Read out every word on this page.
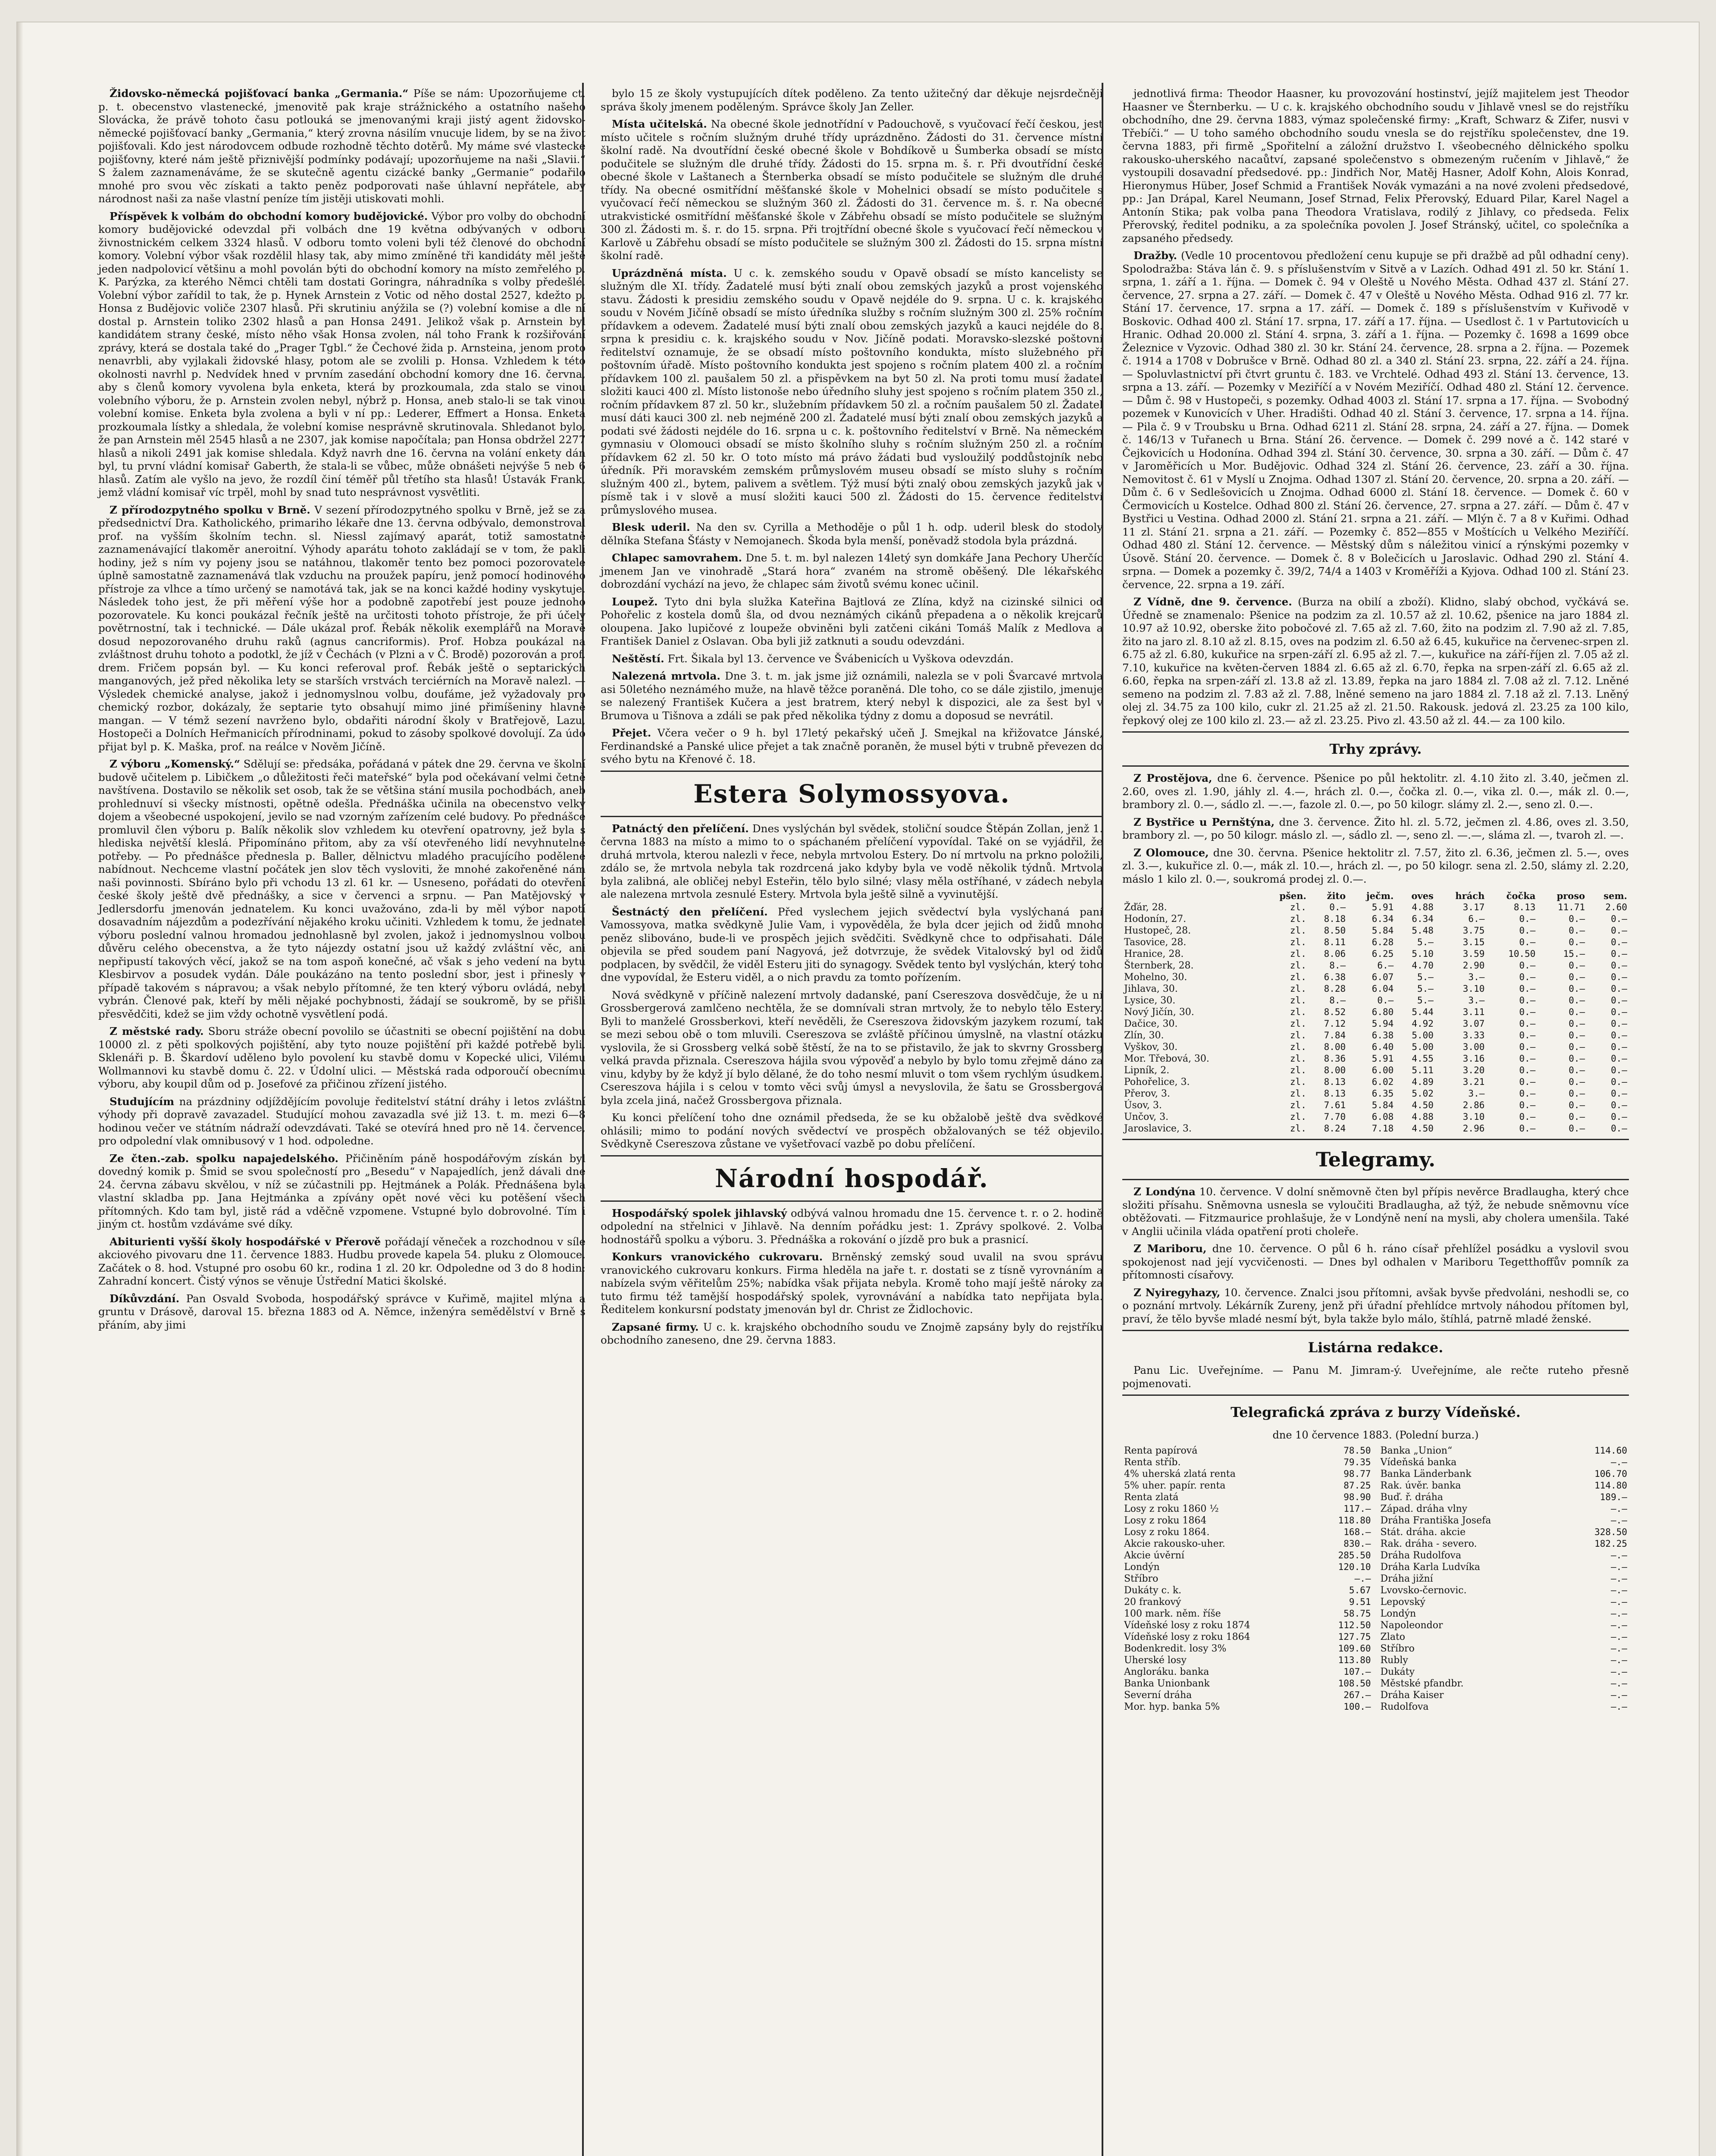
Židovsko-německá pojišťovací banka „Germania.“ Píše se nám: Upozorňujeme ct. p. t. obecenstvo vlastenecké, jmenovitě pak kraje strážnického a ostatního našeho Slovácka, že právě tohoto času potlouká se jmenovanými kraji jistý agent židovsko-německé pojišťovací banky „Germania,“ který zrovna násilím vnucuje lidem, by se na život pojišťovali. Kdo jest národovcem odbude rozhodně těchto dotěrů. My máme své vlastecké pojišťovny, které nám ještě přiznivější podmínky podávají; upozorňujeme na naši „Slavii.“ S žalem zaznamenáváme, že se skutečně agentu cizácké banky „Germanie“ podařilo mnohé pro svou věc získati a takto peněz podporovati naše úhlavní nepřátele, aby národnost naši za naše vlastní peníze tím jistěji utiskovati mohli.

Příspěvek k volbám do obchodní komory budějovické. Výbor pro volby do obchodní komory budějovické odevzdal při volbách dne 19 května odbývaných v odboru živnostnickém celkem 3324 hlasů. V odboru tomto voleni byli též členové do obchodní komory. Volební výbor však rozdělil hlasy tak, aby mimo zmíněné tři kandidáty měl ještě jeden nadpolovicí většinu a mohl povolán býti do obchodní komory na místo zemřelého p. K. Parýzka, za kterého Němci chtěli tam dostati Goringra, náhradníka s volby předešlé. Volební výbor zařídil to tak, že p. Hynek Arnstein z Votic od něho dostal 2527, kdežto p. Honsa z Budějovic voliče 2307 hlasů. Při skrutiniu anýžila se (?) volební komise a dle ní dostal p. Arnstein toliko 2302 hlasů a pan Honsa 2491. Jelikož však p. Arnstein byl kandidátem strany české, místo něho však Honsa zvolen, nál toho Frank k rozšiřování zprávy, která se dostala také do „Prager Tgbl.“ že Čechové žida p. Arnsteina, jenom proto nenavrbli, aby vyjlakali židovské hlasy, potom ale se zvolili p. Honsa. Vzhledem k této okolnosti navrhl p. Nedvídek hned v prvním zasedání obchodní komory dne 16. června, aby s členů komory vyvolena byla enketa, která by prozkoumala, zda stalo se vinou volebního výboru, že p. Arnstein zvolen nebyl, nýbrž p. Honsa, aneb stalo-li se tak vinou volební komise. Enketa byla zvolena a byli v ní pp.: Lederer, Effmert a Honsa. Enketa prozkoumala lístky a shledala, že volební komise nesprávně skrutinovala. Shledanot bylo, že pan Arnstein měl 2545 hlasů a ne 2307, jak komise napočítala; pan Honsa obdržel 2277 hlasů a nikoli 2491 jak komise shledala. Když navrh dne 16. června na volání enkety dán byl, tu první vládní komisař Gaberth, že stala-li se vůbec, může obnášeti nejvýše 5 neb 6 hlasů. Zatím ale vyšlo na jevo, že rozdíl činí téměř půl třetího sta hlasů! Ústavák Frank, jemž vládní komisař víc trpěl, mohl by snad tuto nesprávnost vysvětliti.

Z přírodozpytného spolku v Brně. V sezení přírodozpytného spolku v Brně, jež se za předsednictví Dra. Katholického, primariho lékaře dne 13. června odbývalo, demonstroval prof. na vyšším školním techn. sl. Niessl zajímavý aparát, totiž samostatně zaznamenávající tlakoměr aneroitní. Výhody aparátu tohoto zakládají se v tom, že pakli hodiny, jež s ním vy pojeny jsou se natáhnou, tlakoměr tento bez pomoci pozorovatele úplně samostatně zaznamenává tlak vzduchu na proužek papíru, jenž pomocí hodinového přístroje za vlhce a tímo určený se namotává tak, jak se na konci každé hodiny vyskytuje. Následek toho jest, že při měření výše hor a podobně zapotřebí jest pouze jednoho pozorovatele. Ku konci poukázal řečník ještě na určitosti tohoto přístroje, že při účely povětrnostní, tak i technické. — Dále ukázal prof. Řebák několik exemplářů na Moravě dosud nepozorovaného druhu raků (agnus cancriformis). Prof. Hobza poukázal na zvláštnost druhu tohoto a podotkl, že jíž v Čechách (v Plzni a v Č. Brodě) pozorován a prof. drem. Fričem popsán byl. — Ku konci referoval prof. Řebák ještě o septarických manganových, jež před několika lety se starších vrstvách terciérních na Moravě nalezl. — Výsledek chemické analyse, jakož i jednomyslnou volbu, doufáme, jež vyžadovaly pro chemický rozbor, dokázaly, že septarie tyto obsahují mimo jiné přimíšeniny hlavně mangan. — V témž sezení navrženo bylo, obdařiti národní školy v Bratřejově, Lazu, Hostopeči a Dolních Heřmanicích přírodninami, pokud to zásoby spolkové dovolují. Za údo přijat byl p. K. Maška, prof. na reálce v Nověm Jičíně.

Z výboru „Komenský.“ Sdělují se: předsáka, pořádaná v pátek dne 29. června ve školní budově učitelem p. Libičkem „o důležitosti řeči mateřské“ byla pod očekávaní velmi četně navštívena. Dostavilo se několik set osob, tak že se většina stání musila pochodbách, aneb prohlednuví si všecky místnosti, opětně odešla. Přednáška učinila na obecenstvo velký dojem a všeobecné uspokojení, jevilo se nad vzorným zařízením celé budovy. Po přednášce promluvil člen výboru p. Balík několik slov vzhledem ku otevření opatrovny, jež byla s hlediska největší kleslá. Připomínáno přitom, aby za vší otevřeného lidí nevyhnutelné potřeby. — Po přednášce přednesla p. Baller, dělnictvu mladého pracujícího podělené nabídnout. Nechceme vlastní počátek jen slov těch vysloviti, že mnohé zakořeněné nám naši povinnosti. Sbíráno bylo při vchodu 13 zl. 61 kr. — Usneseno, pořádati do otevření české školy ještě dvě přednášky, a sice v červenci a srpnu. — Pan Matějovský v Jedlersdorfu jmenován jednatelem. Ku konci uvažováno, zda-li by měl výbor napotí dosavadním nájezdům a podezřívání nějakého kroku učiniti. Vzhledem k tomu, že jednatel výboru poslední valnou hromadou jednohlasně byl zvolen, jakož i jednomyslnou volbou důvěru celého obecenstva, a že tyto nájezdy ostatní jsou už každý zvláštní věc, ani nepřipustí takových věcí, jakož se na tom aspoň konečné, ač však s jeho vedení na bytu Klesbirvov a posudek vydán. Dále poukázáno na tento poslední sbor, jest i přinesly v případě takovém s nápravou; a však nebylo přítomné, že ten který výboru ovládá, nebyl vybrán. Členové pak, kteří by měli nějaké pochybnosti, žádají se soukromě, by se přišli přesvědčiti, kdež se jim vždy ochotně vysvětlení podá.

Z městské rady. Sboru stráže obecní povolilo se účastniti se obecní pojištění na dobu 10000 zl. z pěti spolkových pojištění, aby tyto nouze pojištění při každé potřebě byli. Sklenáři p. B. Škardoví uděleno bylo povolení ku stavbě domu v Kopecké ulici, Vilému Wollmannovi ku stavbě domu č. 22. v Údolní ulici. — Městská rada odporoučí obecnímu výboru, aby koupil dům od p. Josefové za přičinou zřízení jistého.

Studujícím na prázdniny odjíždějícím povoluje ředitelství státní dráhy i letos zvláštní výhody při dopravě zavazadel. Studující mohou zavazadla své již 13. t. m. mezi 6—8 hodinou večer ve státním nádraží odevzdávati. Také se otevírá hned pro ně 14. července, pro odpolední vlak omnibusový v 1 hod. odpoledne.

Ze čten.-zab. spolku napajedelského. Přičiněním páně hospodářovým získán byl dovedný komik p. Šmid se svou společností pro „Besedu“ v Napajedlích, jenž dávali dne 24. června zábavu skvělou, v níž se zúčastnili pp. Hejtmánek a Polák. Přednášena byla vlastní skladba pp. Jana Hejtmánka a zpívány opět nové věci ku potěšení všech přítomných. Kdo tam byl, jistě rád a vděčně vzpomene. Vstupné bylo dobrovolné. Tím i jiným ct. hostům vzdáváme své díky.

Abiturienti vyšší školy hospodářské v Přerově pořádají věneček a rozchodnou v síle akciového pivovaru dne 11. července 1883. Hudbu provede kapela 54. pluku z Olomouce. Začátek o 8. hod. Vstupné pro osobu 60 kr., rodina 1 zl. 20 kr. Odpoledne od 3 do 8 hodin: Zahradní koncert. Čistý výnos se věnuje Ústřední Matici školské.

Díkůvzdání. Pan Osvald Svoboda, hospodářský správce v Kuřimě, majitel mlýna a gruntu v Drásově, daroval 15. března 1883 od A. Němce, inženýra semědělství v Brně s přáním, aby jimi

bylo 15 ze školy vystupujících dítek poděleno. Za tento užitečný dar děkuje nejsrdečněji správa školy jmenem poděleným. Správce školy Jan Zeller.

Místa učitelská. Na obecné škole jednotřídní v Padouchově, s vyučovací řečí českou, jest místo učitele s ročním služným druhé třídy uprázdněno. Žádosti do 31. července místní školní radě. Na dvoutřídní české obecné škole v Bohdíkově u Šumberka obsadí se místo podučitele se služným dle druhé třídy. Žádosti do 15. srpna m. š. r. Při dvoutřídní české obecné škole v Laštanech a Šternberka obsadí se místo podučitele se služným dle druhé třídy. Na obecné osmitřídní měšťanské škole v Mohelnici obsadí se místo podučitele s vyučovací řečí německou se služným 360 zl. Žádosti do 31. července m. š. r. Na obecné utrakvistické osmitřídní měšťanské škole v Zábřehu obsadí se místo podučitele se služným 300 zl. Žádosti m. š. r. do 15. srpna. Při trojtřídní obecné škole s vyučovací řečí německou v Karlově u Zábřehu obsadí se místo podučitele se služným 300 zl. Žádosti do 15. srpna místní školní radě.

Uprázdněná místa. U c. k. zemského soudu v Opavě obsadí se místo kancelisty se služným dle XI. třídy. Žadatelé musí býti znalí obou zemských jazyků a prost vojenského stavu. Žádosti k presidiu zemského soudu v Opavě nejdéle do 9. srpna. U c. k. krajského soudu v Novém Jičíně obsadí se místo úředníka služby s ročním služným 300 zl. 25% ročním přídavkem a odevem. Žadatelé musí býti znalí obou zemských jazyků a kauci nejdéle do 8. srpna k presidiu c. k. krajského soudu v Nov. Jičíně podati. Moravsko-slezské poštovní ředitelství oznamuje, že se obsadí místo poštovního kondukta, místo služebného při poštovním úřadě. Místo poštovního kondukta jest spojeno s ročním platem 400 zl. a ročním přídavkem 100 zl. paušalem 50 zl. a přispěvkem na byt 50 zl. Na proti tomu musí žadatel složiti kauci 400 zl. Místo listonoše nebo úředního sluhy jest spojeno s ročním platem 350 zl., ročním přídavkem 87 zl. 50 kr., služebním přídavkem 50 zl. a ročním paušalem 50 zl. Žadatel musí dáti kauci 300 zl. neb nejméně 200 zl. Žadatelé musí býti znalí obou zemských jazyků a podati své žádosti nejdéle do 16. srpna u c. k. poštovního ředitelství v Brně. Na německém gymnasiu v Olomouci obsadí se místo školního sluhy s ročním služným 250 zl. a ročním přídavkem 62 zl. 50 kr. O toto místo má právo žádati bud vysloužilý poddůstojník nebo úředník. Při moravském zemském průmyslovém museu obsadí se místo sluhy s ročním služným 400 zl., bytem, palivem a světlem. Týž musí býti znalý obou zemských jazyků jak v písmě tak i v slově a musí složiti kauci 500 zl. Žádosti do 15. července ředitelství průmyslového musea.

Blesk uderil. Na den sv. Cyrilla a Methoděje o půl 1 h. odp. uderil blesk do stodoly dělníka Stefana Šťásty v Nemojanech. Škoda byla menší, poněvadž stodola byla prázdná.

Chlapec samovrahem. Dne 5. t. m. byl nalezen 14letý syn domkáře Jana Pechory Uherčíc jmenem Jan ve vinohradě „Stará hora“ zvaném na stromě oběšený. Dle lékařského dobrozdání vychází na jevo, že chlapec sám životů svému konec učinil.

Loupež. Tyto dni byla služka Kateřina Bajtlová ze Zlína, když na cizinské silnici od Pohořelic z kostela domů šla, od dvou neznámých cikánů přepadena a o několik krejcarů oloupena. Jako lupičové z loupeže obviněni byli zatčeni cikáni Tomáš Malík z Medlova a František Daniel z Oslavan. Oba byli již zatknuti a soudu odevzdáni.

Neštěstí. Frt. Šikala byl 13. července ve Švábenicích u Vyškova odevzdán.

Nalezená mrtvola. Dne 3. t. m. jak jsme již oznámili, nalezla se v poli Švarcavé mrtvola asi 50letého neznámého muže, na hlavě těžce poraněná. Dle toho, co se dále zjistilo, jmenuje se nalezený František Kučera a jest bratrem, který nebyl k dispozici, ale za šest byl v Brumova u Tišnova a zdáli se pak před několika týdny z domu a doposud se nevrátil.

Přejet. Včera večer o 9 h. byl 17letý pekařský učeň J. Smejkal na křižovatce Jánské, Ferdinandské a Panské ulice přejet a tak značně poraněn, že musel býti v trubně převezen do svého bytu na Křenové č. 18.

Estera Solymossyova.

Patnáctý den přelíčení. Dnes vyslýchán byl svědek, stoliční soudce Štěpán Zollan, jenž 1. června 1883 na místo a mimo to o spáchaném přelíčení vypovídal. Také on se vyjádřil, že druhá mrtvola, kterou nalezli v řece, nebyla mrtvolou Estery. Do ní mrtvolu na prkno položili, zdálo se, že mrtvola nebyla tak rozdrcená jako kdyby byla ve vodě několik týdnů. Mrtvola byla zalibná, ale obličej nebyl Esteřin, tělo bylo silné; vlasy měla ostříhané, v zádech nebyla ale nalezena mrtvola zesnulé Estery. Mrtvola byla ještě silně a vyvinutější.

Šestnáctý den přelíčení. Před vyslechem jejich svědectví byla vyslýchaná paní Vamossyova, matka svědkyně Julie Vam, i vypověděla, že byla dcer jejich od židů mnoho peněz slibováno, bude-li ve prospěch jejich svědčiti. Svědkyně chce to odpřisahati. Dále objevila se před soudem paní Nagyová, jež dotvrzuje, že svědek Vitalovský byl od židů podplacen, by svědčil, že viděl Esteru jiti do synagogy. Svědek tento byl vyslýchán, který toho dne vypovídal, že Esteru viděl, a o nich pravdu za tomto pořízením.

Nová svědkyně v příčině nalezení mrtvoly dadanské, paní Csereszova dosvědčuje, že u ní Grossbergerová zamlčeno nechtěla, že se domnívali stran mrtvoly, že to nebylo tělo Estery. Byli to manželé Grossberkovi, kteří nevěděli, že Csereszova židovským jazykem rozumí, tak se mezi sebou obě o tom mluvili. Csereszova se zvláště příčinou úmyslně, na vlastní otázku vyslovila, že si Grossberg velká sobě štěstí, že na to se přistavilo, že jak to skvrny Grossberg velká pravda přiznala. Csereszova hájila svou výpověď a nebylo by bylo tomu zřejmě dáno za vinu, kdyby by že když jí bylo dělané, že do toho nesmí mluvit o tom všem rychlým úsudkem. Csereszova hájila i s celou v tomto věci svůj úmysl a nevyslovila, že šatu se Grossbergová byla zcela jiná, načež Grossbergova přiznala.

Ku konci přelíčení toho dne oznámil předseda, že se ku obžalobě ještě dva svědkové ohlásili; mimo to podání nových svědectví ve prospěch obžalovaných se též objevilo. Svědkyně Csereszova zůstane ve vyšetřovací vazbě po dobu přelíčení.

Národní hospodář.

Hospodářský spolek jihlavský odbývá valnou hromadu dne 15. července t. r. o 2. hodině odpolední na střelnici v Jihlavě. Na denním pořádku jest: 1. Zprávy spolkové. 2. Volba hodnostářů spolku a výboru. 3. Přednáška a rokování o jízdě pro buk a prasnicí.

Konkurs vranovického cukrovaru. Brněnský zemský soud uvalil na svou správu vranovického cukrovaru konkurs. Firma hleděla na jaře t. r. dostati se z tísně vyrovnáním a nabízela svým věřitelům 25%; nabídka však přijata nebyla. Kromě toho mají ještě nároky za tuto firmu též tamější hospodářský spolek, vyrovnávání a nabídka tato nepřijata byla. Ředitelem konkursní podstaty jmenován byl dr. Christ ze Židlochovic.

Zapsané firmy. U c. k. krajského obchodního soudu ve Znojmě zapsány byly do rejstříku obchodního zaneseno, dne 29. června 1883.

jednotlivá firma: Theodor Haasner, ku provozování hostinství, jejíž majitelem jest Theodor Haasner ve Šternberku. — U c. k. krajského obchodního soudu v Jihlavě vnesl se do rejstříku obchodního, dne 29. června 1883, výmaz společenské firmy: „Kraft, Schwarz & Zifer, nusvi v Třebíči.“ — U toho samého obchodního soudu vnesla se do rejstříku společenstev, dne 19. června 1883, při firmě „Spořitelní a záložní družstvo I. všeobecného dělnického spolku rakousko-uherského nacaůtví, zapsané společenstvo s obmezeným ručením v Jihlavě,“ že vystoupili dosavadní předsedové. pp.: Jindřich Nor, Matěj Hasner, Adolf Kohn, Alois Konrad, Hieronymus Hüber, Josef Schmid a František Novák vymazáni a na nové zvoleni předsedové, pp.: Jan Drápal, Karel Neumann, Josef Strnad, Felix Přerovský, Eduard Pilar, Karel Nagel a Antonín Stika; pak volba pana Theodora Vratislava, rodilý z Jihlavy, co předseda. Felix Přerovský, ředitel podniku, a za společníka povolen J. Josef Stránský, učitel, co společníka a zapsaného předsedy.

Dražby. (Vedle 10 procentovou předložení cenu kupuje se při dražbě ad půl odhadní ceny). Spolodražba: Stáva lán č. 9. s příslušenstvím v Sitvě a v Lazích. Odhad 491 zl. 50 kr. Stání 1. srpna, 1. září a 1. října. — Domek č. 94 v Oleště u Nového Města. Odhad 437 zl. Stání 27. července, 27. srpna a 27. září. — Domek č. 47 v Oleště u Nového Města. Odhad 916 zl. 77 kr. Stání 17. července, 17. srpna a 17. září. — Domek č. 189 s příslušenstvím v Kuřivodě v Boskovic. Odhad 400 zl. Stání 17. srpna, 17. září a 17. října. — Usedlost č. 1 v Partutovicích u Hranic. Odhad 20.000 zl. Stání 4. srpna, 3. září a 1. října. — Pozemky č. 1698 a 1699 obce Železnice v Vyzovic. Odhad 380 zl. 30 kr. Stání 24. července, 28. srpna a 2. října. — Pozemek č. 1914 a 1708 v Dobrušce v Brně. Odhad 80 zl. a 340 zl. Stání 23. srpna, 22. září a 24. října. — Spoluvlastnictví při čtvrt gruntu č. 183. ve Vrchtelé. Odhad 493 zl. Stání 13. července, 13. srpna a 13. září. — Pozemky v Meziříčí a v Novém Meziříčí. Odhad 480 zl. Stání 12. července. — Dům č. 98 v Hustopeči, s pozemky. Odhad 4003 zl. Stání 17. srpna a 17. října. — Svobodný pozemek v Kunovicích v Uher. Hradišti. Odhad 40 zl. Stání 3. července, 17. srpna a 14. října. — Pila č. 9 v Troubsku u Brna. Odhad 6211 zl. Stání 28. srpna, 24. září a 27. října. — Domek č. 146/13 v Tuřanech u Brna. Stání 26. července. — Domek č. 299 nové a č. 142 staré v Čejkovicích u Hodonína. Odhad 394 zl. Stání 30. července, 30. srpna a 30. září. — Dům č. 47 v Jaroměřicích u Mor. Budějovic. Odhad 324 zl. Stání 26. července, 23. září a 30. října. Nemovitost č. 61 v Myslí u Znojma. Odhad 1307 zl. Stání 20. července, 20. srpna a 20. září. — Dům č. 6 v Sedlešovicích u Znojma. Odhad 6000 zl. Stání 18. července. — Domek č. 60 v Čermovicích u Kostelce. Odhad 800 zl. Stání 26. července, 27. srpna a 27. září. — Dům č. 47 v Bystřici u Vestina. Odhad 2000 zl. Stání 21. srpna a 21. září. — Mlýn č. 7 a 8 v Kuřimi. Odhad 11 zl. Stání 21. srpna a 21. září. — Pozemky č. 852—855 v Moštících u Velkého Meziříčí. Odhad 480 zl. Stání 12. července. — Městský dům s náležitou vinicí a rýnskými pozemky v Úsově. Stání 20. července. — Domek č. 8 v Bolečicích u Jaroslavic. Odhad 290 zl. Stání 4. srpna. — Domek a pozemky č. 39/2, 74/4 a 1403 v Kroměříži a Kyjova. Odhad 100 zl. Stání 23. července, 22. srpna a 19. září.

Z Vídně, dne 9. července. (Burza na obilí a zboží). Klidno, slabý obchod, vyčkává se. Úředně se znamenalo: Pšenice na podzim za zl. 10.57 až zl. 10.62, pšenice na jaro 1884 zl. 10.97 až 10.92, oberske žito pobočové zl. 7.65 až zl. 7.60, žito na podzim zl. 7.90 až zl. 7.85, žito na jaro zl. 8.10 až zl. 8.15, oves na podzim zl. 6.50 až 6.45, kukuřice na červenec-srpen zl. 6.75 až zl. 6.80, kukuřice na srpen-září zl. 6.95 až zl. 7.—, kukuřice na září-říjen zl. 7.05 až zl. 7.10, kukuřice na květen-červen 1884 zl. 6.65 až zl. 6.70, řepka na srpen-září zl. 6.65 až zl. 6.60, řepka na srpen-září zl. 13.8 až zl. 13.89, řepka na jaro 1884 zl. 7.08 až zl. 7.12. Lněné semeno na podzim zl. 7.83 až zl. 7.88, lněné semeno na jaro 1884 zl. 7.18 až zl. 7.13. Lněný olej zl. 34.75 za 100 kilo, cukr zl. 21.25 až zl. 21.50. Rakousk. jedová zl. 23.25 za 100 kilo, řepkový olej ze 100 kilo zl. 23.— až zl. 23.25. Pivo zl. 43.50 až zl. 44.— za 100 kilo.

Trhy zprávy.

Z Prostějova, dne 6. července. Pšenice po půl hektolitr. zl. 4.10 žito zl. 3.40, ječmen zl. 2.60, oves zl. 1.90, jáhly zl. 4.—, hrách zl. 0.—, čočka zl. 0.—, vika zl. 0.—, mák zl. 0.—, brambory zl. 0.—, sádlo zl. —.—, fazole zl. 0.—, po 50 kilogr. slámy zl. 2.—, seno zl. 0.—.

Z Bystřice u Pernštýna, dne 3. července. Žito hl. zl. 5.72, ječmen zl. 4.86, oves zl. 3.50, brambory zl. —, po 50 kilogr. máslo zl. —, sádlo zl. —, seno zl. —.—, sláma zl. —, tvaroh zl. —.

Z Olomouce, dne 30. června. Pšenice hektolitr zl. 7.57, žito zl. 6.36, ječmen zl. 5.—, oves zl. 3.—, kukuřice zl. 0.—, mák zl. 10.—, hrách zl. —, po 50 kilogr. sena zl. 2.50, slámy zl. 2.20, máslo 1 kilo zl. 0.—, soukromá prodej zl. 0.—.

	pšen.	žito	ječm.	oves	hrách	čočka	proso	sem.
Žďár, 28.	zl.	0.—	5.91	4.88	3.17	8.13	11.71	2.60
Hodonín, 27.	zl.	8.18	6.34	6.34	6.—	0.—	0.—	0.—
Hustopeč, 28.	zl.	8.50	5.84	5.48	3.75	0.—	0.—	0.—
Tasovice, 28.	zl.	8.11	6.28	5.—	3.15	0.—	0.—	0.—
Hranice, 28.	zl.	8.06	6.25	5.10	3.59	10.50	15.—	0.—
Šternberk, 28.	zl.	8.—	6.—	4.70	2.90	0.—	0.—	0.—
Mohelno, 30.	zl.	6.38	6.07	5.—	3.—	0.—	0.—	0.—
Jihlava, 30.	zl.	8.28	6.04	5.—	3.10	0.—	0.—	0.—
Lysice, 30.	zl.	8.—	0.—	5.—	3.—	0.—	0.—	0.—
Nový Jičín, 30.	zl.	8.52	6.80	5.44	3.11	0.—	0.—	0.—
Dačice, 30.	zl.	7.12	5.94	4.92	3.07	0.—	0.—	0.—
Zlín, 30.	zl.	7.84	6.38	5.00	3.33	0.—	0.—	0.—
Vyškov, 30.	zl.	8.00	6.40	5.00	3.00	0.—	0.—	0.—
Mor. Třebová, 30.	zl.	8.36	5.91	4.55	3.16	0.—	0.—	0.—
Lipník, 2.	zl.	8.00	6.00	5.11	3.20	0.—	0.—	0.—
Pohořelice, 3.	zl.	8.13	6.02	4.89	3.21	0.—	0.—	0.—
Přerov, 3.	zl.	8.13	6.35	5.02	3.—	0.—	0.—	0.—
Úsov, 3.	zl.	7.61	5.84	4.50	2.86	0.—	0.—	0.—
Unčov, 3.	zl.	7.70	6.08	4.88	3.10	0.—	0.—	0.—
Jaroslavice, 3.	zl.	8.24	7.18	4.50	2.96	0.—	0.—	0.—
Telegramy.

Z Londýna 10. července. V dolní sněmovně čten byl přípis nevěrce Bradlaugha, který chce složiti přísahu. Sněmovna usnesla se vyloučiti Bradlaugha, až týž, že nebude sněmovnu více obtěžovati. — Fitzmaurice prohlašuje, že v Londýně není na mysli, aby cholera umenšila. Také v Anglii učinila vláda opatření proti choleře.

Z Mariboru, dne 10. července. O půl 6 h. ráno císař přehlížel posádku a vyslovil svou spokojenost nad její vycvičenosti. — Dnes byl odhalen v Mariboru Tegetthoffův pomník za přítomnosti císařovy.

Z Nyiregyhazy, 10. července. Znalci jsou přítomni, avšak byvše předvoláni, neshodli se, co o poznání mrtvoly. Lékárník Zureny, jenž při úřadní přehlídce mrtvoly náhodou přítomen byl, praví, že tělo byvše mladé nesmí být, byla takže bylo málo, štíhlá, patrně mladé ženské.

Listárna redakce.

Panu Lic. Uveřejníme. — Panu M. Jimram-ý. Uveřejníme, ale rečte ruteho přesně pojmenovati.

Telegrafická zpráva z burzy Vídeňské.
dne 10 července 1883. (Polední burza.)
Renta papírová	78.50
Renta stříb.	79.35
4% uherská zlatá renta	98.77
5% uher. papír. renta	87.25
Renta zlatá	98.90
Losy z roku 1860 ½	117.—
Losy z roku 1864	118.80
Losy z roku 1864.	168.—
Akcie rakousko-uher.	830.—
Akcie úvěrní	285.50
Londýn	120.10
Stříbro	—.—
Dukáty c. k.	5.67
20 frankový	9.51
100 mark. něm. říše	58.75
Vídeňské losy z roku 1874	112.50
Vídeňské losy z roku 1864	127.75
Bodenkredit. losy 3%	109.60
Uherské losy	113.80
Angloráku. banka	107.—
Banka Unionbank	108.50
Severní dráha	267.—
Mor. hyp. banka 5%	100.—
Banka „Union“	114.60
Vídeňská banka	—.—
Banka Länderbank	106.70
Rak. úvěr. banka	114.80
Buď. ř. dráha	189.—
Západ. dráha vlny	—.—
Dráha Františka Josefa	—.—
Stát. dráha. akcie	328.50
Rak. dráha - severo.	182.25
Dráha Rudolfova	—.—
Dráha Karla Ludvíka	—.—
Dráha jižní	—.—
Lvovsko-černovic.	—.—
Lepovský	—.—
Londýn	—.—
Napoleondor	—.—
Zlato	—.—
Stříbro	—.—
Rubly	—.—
Dukáty	—.—
Městské pfandbr.	—.—
Dráha Kaiser	—.—
Rudolfova	—.—
